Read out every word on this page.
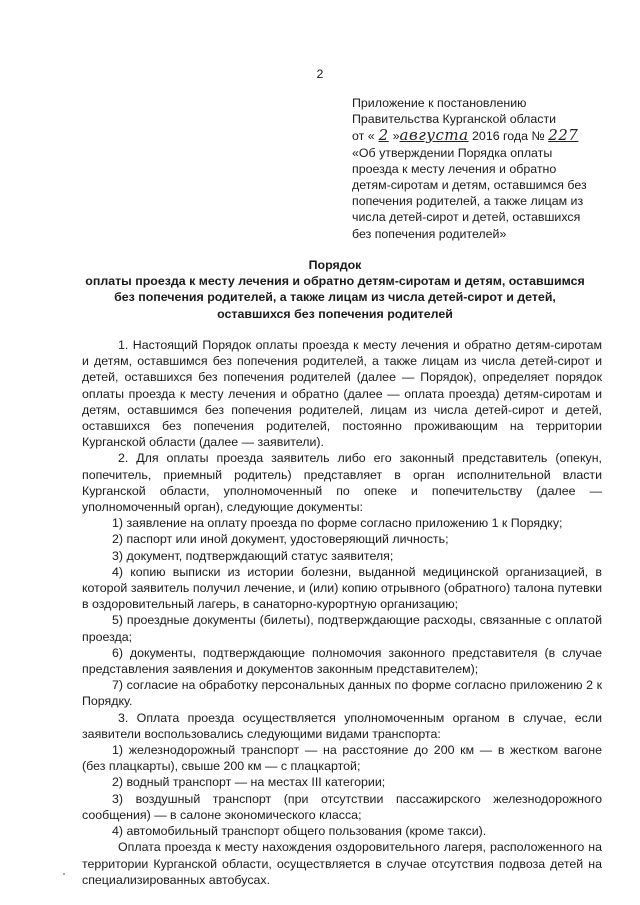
2
Приложение к постановлению
Правительства Курганской области
от « 2 »августа 2016 года № 227
«Об утверждении Порядка оплаты
проезда к месту лечения и обратно
детям-сиротам и детям, оставшимся без
попечения родителей, а также лицам из
числа детей-сирот и детей, оставшихся
без попечения родителей»
Порядок
оплаты проезда к месту лечения и обратно детям-сиротам и детям, оставшимся
без попечения родителей, а также лицам из числа детей-сирот и детей,
оставшихся без попечения родителей

1. Настоящий Порядок оплаты проезда к месту лечения и обратно детям-сиротам и детям, оставшимся без попечения родителей, а также лицам из числа детей-сирот и детей, оставшихся без попечения родителей (далее — Порядок), определяет порядок оплаты проезда к месту лечения и обратно (далее — оплата проезда) детям-сиротам и детям, оставшимся без попечения родителей, лицам из числа детей-сирот и детей, оставшихся без попечения родителей, постоянно проживающим на территории Курганской области (далее — заявители).

2. Для оплаты проезда заявитель либо его законный представитель (опекун, попечитель, приемный родитель) представляет в орган исполнительной власти Курганской области, уполномоченный по опеке и попечительству (далее — уполномоченный орган), следующие документы:

1) заявление на оплату проезда по форме согласно приложению 1 к Порядку;

2) паспорт или иной документ, удостоверяющий личность;

3) документ, подтверждающий статус заявителя;

4) копию выписки из истории болезни, выданной медицинской организацией, в которой заявитель получил лечение, и (или) копию отрывного (обратного) талона путевки в оздоровительный лагерь, в санаторно-курортную организацию;

5) проездные документы (билеты), подтверждающие расходы, связанные с оплатой проезда;

6) документы, подтверждающие полномочия законного представителя (в случае представления заявления и документов законным представителем);

7) согласие на обработку персональных данных по форме согласно приложению 2 к Порядку.

3. Оплата проезда осуществляется уполномоченным органом в случае, если заявители воспользовались следующими видами транспорта:

1) железнодорожный транспорт — на расстояние до 200 км — в жестком вагоне (без плацкарты), свыше 200 км — с плацкартой;

2) водный транспорт — на местах III категории;

3) воздушный транспорт (при отсутствии пассажирского железнодорожного сообщения) — в салоне экономического класса;

4) автомобильный транспорт общего пользования (кроме такси).

Оплата проезда к месту нахождения оздоровительного лагеря, расположенного на территории Курганской области, осуществляется в случае отсутствия подвоза детей на специализированных автобусах.
